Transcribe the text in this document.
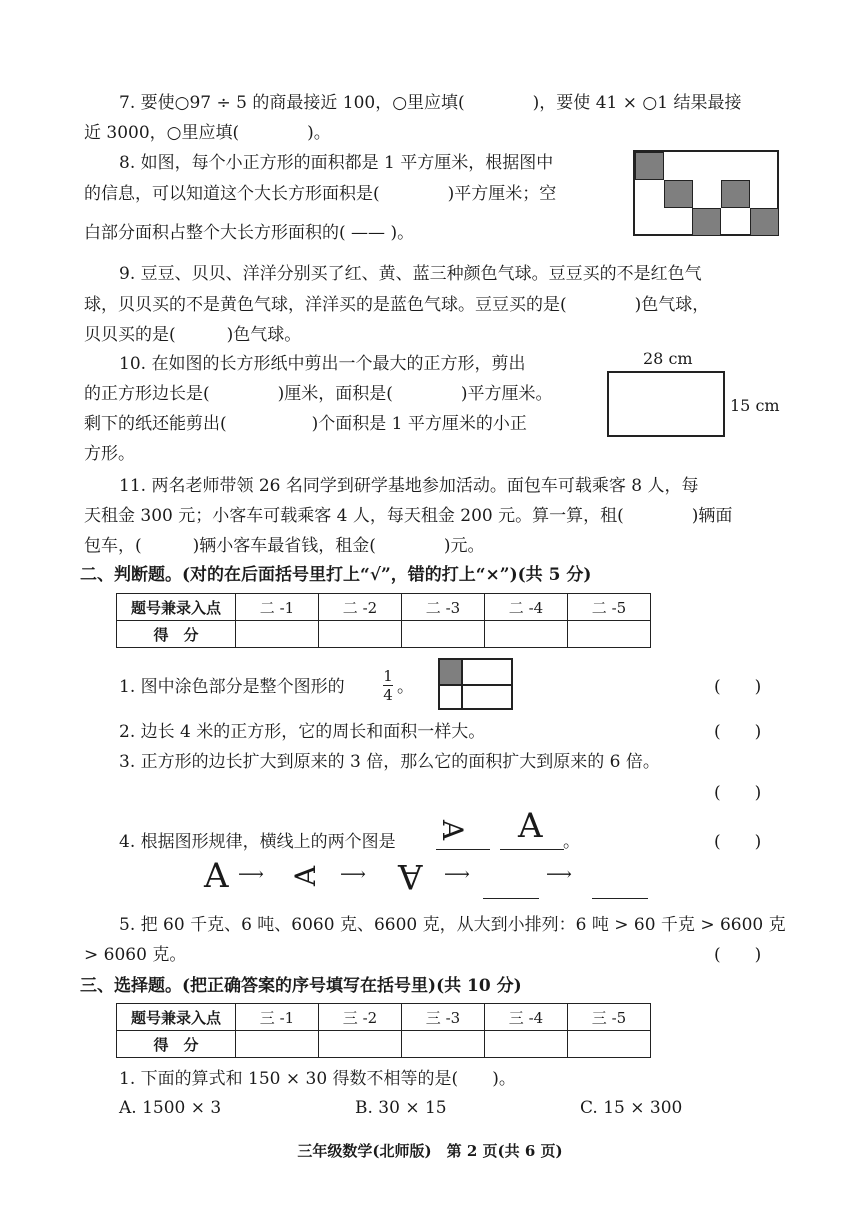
7. 要使○97 ÷ 5 的商最接近 100，○里应填(　　　　)，要使 41 × ○1 结果最接
近 3000，○里应填(　　　　)。
8. 如图，每个小正方形的面积都是 1 平方厘米，根据图中
的信息，可以知道这个大长方形面积是(　　　　)平方厘米；空
白部分面积占整个大长方形面积的( —— )。
9. 豆豆、贝贝、洋洋分别买了红、黄、蓝三种颜色气球。豆豆买的不是红色气
球，贝贝买的不是黄色气球，洋洋买的是蓝色气球。豆豆买的是(　　　　)色气球，
贝贝买的是(　　　)色气球。
10. 在如图的长方形纸中剪出一个最大的正方形，剪出
的正方形边长是(　　　　)厘米，面积是(　　　　)平方厘米。
剩下的纸还能剪出(　　　　　)个面积是 1 平方厘米的小正
方形。
28 cm
15 cm
11. 两名老师带领 26 名同学到研学基地参加活动。面包车可载乘客 8 人，每
天租金 300 元；小客车可载乘客 4 人，每天租金 200 元。算一算，租(　　　　)辆面
包车，(　　　)辆小客车最省钱，租金(　　　　)元。
二、判断题。(对的在后面括号里打上“√”，错的打上“×”)(共 5 分)
题号兼录入点	二 -1	二 -2	二 -3	二 -4	二 -5
得　分					
1. 图中涂色部分是整个图形的
1
4 。	(　　)
2. 边长 4 米的正方形，它的周长和面积一样大。	(　　)
3. 正方形的边长扩大到原来的 3 倍，那么它的面积扩大到原来的 6 倍。
(　　)
4. 根据图形规律，横线上的两个图是
A A 。	(　　)
A ⟶ A ⟶ A ⟶	⟶
5. 把 60 千克、6 吨、6060 克、6600 克，从大到小排列：6 吨 > 60 千克 > 6600 克
> 6060 克。	(　　)
三、选择题。(把正确答案的序号填写在括号里)(共 10 分)
题号兼录入点	三 -1	三 -2	三 -3	三 -4	三 -5
得　分					
1. 下面的算式和 150 × 30 得数不相等的是(　　)。
A. 1500 × 3	B. 30 × 15	C. 15 × 300
三年级数学(北师版)　第 2 页(共 6 页)
